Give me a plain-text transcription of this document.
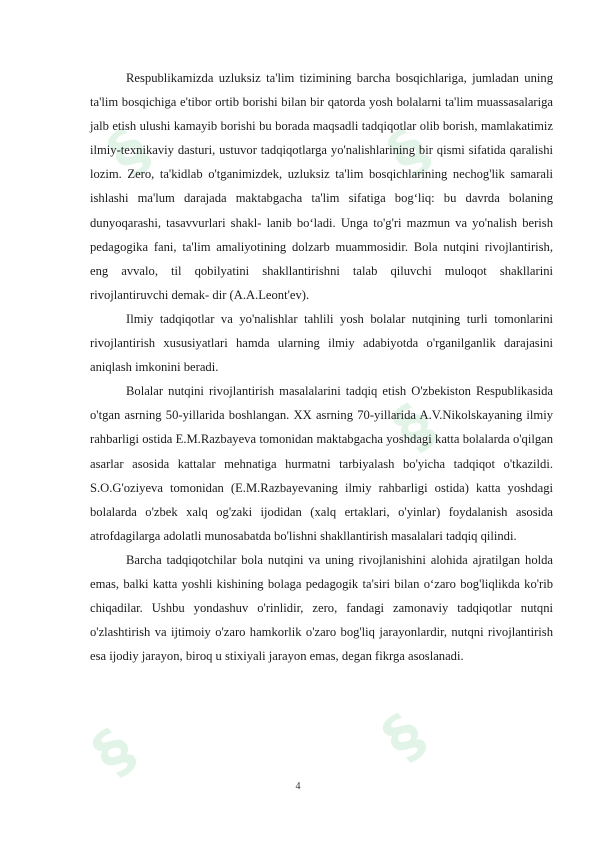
§	§
§
§	§

Respublikamizda uzluksiz ta'lim tizimining barcha bosqichlariga, jumladan uning ta'lim bosqichiga e'tibor ortib borishi bilan bir qatorda yosh bolalarni ta'lim muassasalariga jalb etish ulushi kamayib borishi bu borada maqsadli tadqiqotlar olib borish, mamlakatimiz ilmiy-texnikaviy dasturi, ustuvor tadqiqotlarga yo'nalishlarining bir qismi sifatida qaralishi lozim. Zero, ta'kidlab o'tganimizdek, uzluksiz ta'lim bosqichlarining nechog'lik samarali ishlashi ma'lum darajada maktabgacha ta'lim sifatiga bog‘liq: bu davrda bolaning dunyoqarashi, tasavvurlari shakl- lanib bo‘ladi. Unga to'g'ri mazmun va yo'nalish berish pedagogika fani, ta'lim amaliyotining dolzarb muammosidir. Bola nutqini rivojlantirish, eng avvalo, til qobilyatini shakllantirishni talab qiluvchi muloqot shakllarini rivojlantiruvchi demak- dir (A.A.Leont'ev).

Ilmiy tadqiqotlar va yo'nalishlar tahlili yosh bolalar nutqining turli tomonlarini rivojlantirish xususiyatlari hamda ularning ilmiy adabiyotda o'rganilganlik darajasini aniqlash imkonini beradi.

Bolalar nutqini rivojlantirish masalalarini tadqiq etish O'zbekiston Respublikasida o'tgan asrning 50-yillarida boshlangan. XX asrning 70-yillarida A.V.Nikolskayaning ilmiy rahbarligi ostida E.M.Razbayeva tomonidan maktabgacha yoshdagi katta bolalarda o'qilgan asarlar asosida kattalar mehnatiga hurmatni tarbiyalash bo'yicha tadqiqot o'tkazildi. S.O.G'oziyeva tomonidan (E.M.Razbayevaning ilmiy rahbarligi ostida) katta yoshdagi bolalarda o'zbek xalq og'zaki ijodidan (xalq ertaklari, o'yinlar) foydalanish asosida atrofdagilarga adolatli munosabatda bo'lishni shakllantirish masalalari tadqiq qilindi.

Barcha tadqiqotchilar bola nutqini va uning rivojlanishini alohida ajratilgan holda emas, balki katta yoshli kishining bolaga pedagogik ta'siri bilan o‘zaro bog'liqlikda ko'rib chiqadilar. Ushbu yondashuv o'rinlidir, zero, fandagi zamonaviy tadqiqotlar nutqni o'zlashtirish va ijtimoiy o'zaro hamkorlik o'zaro bog'liq jarayonlardir, nutqni rivojlantirish esa ijodiy jarayon, biroq u stixiyali jarayon emas, degan fikrga asoslanadi.

4
